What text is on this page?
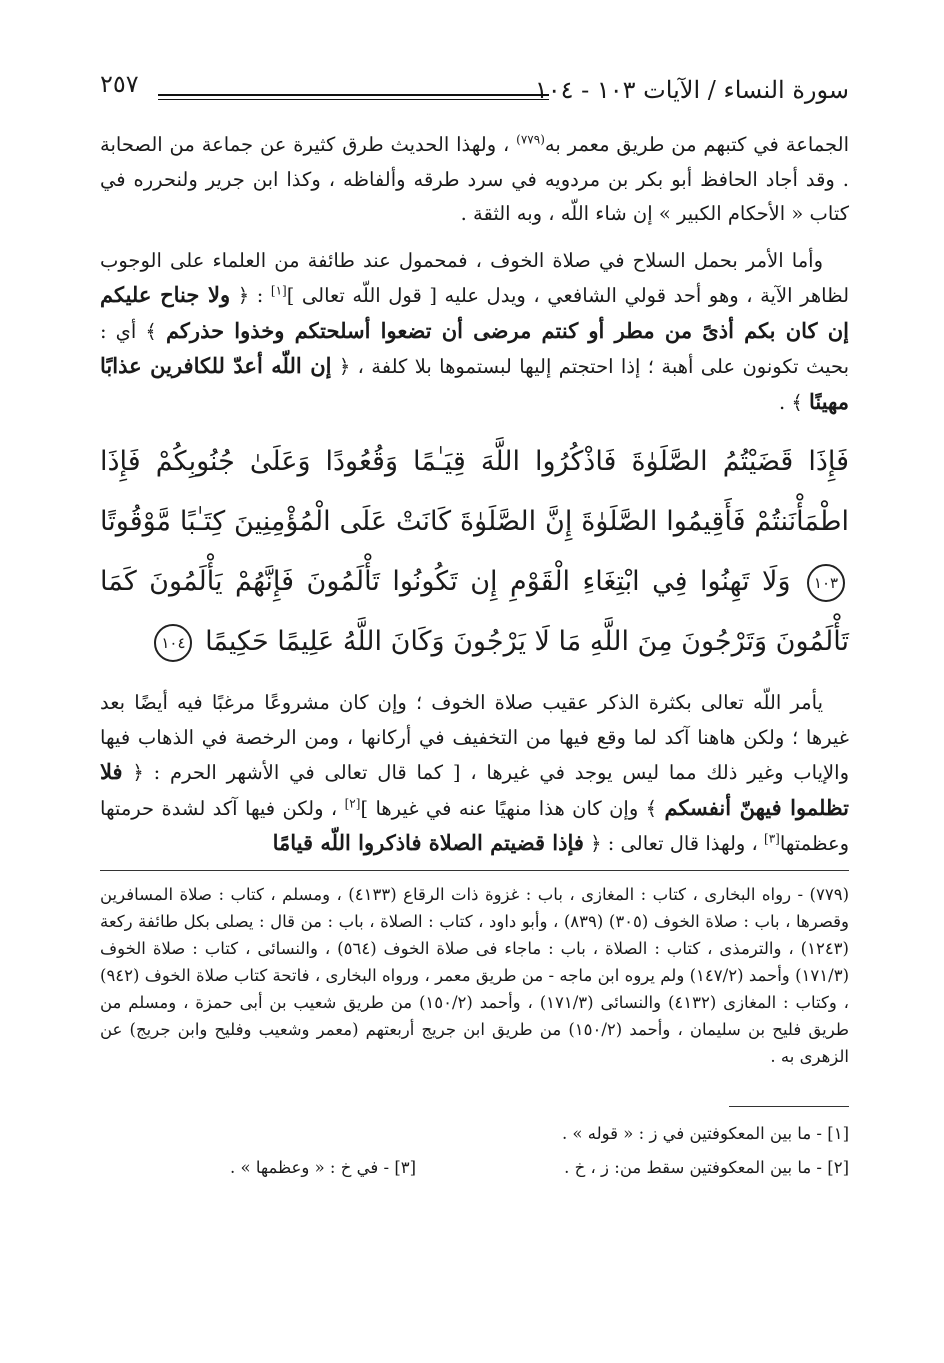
سورة النساء / الآيات ١٠٣ - ١٠٤
٢٥٧

الجماعة في كتبهم من طريق معمر به$^{(٧٧٩)}$ ، ولهذا الحديث طرق كثيرة عن جماعة من الصحابة . وقد أجاد الحافظ أبو بكر بن مردويه في سرد طرقه وألفاظه ، وكذا ابن جرير ولنحرره في كتاب « الأحكام الكبير » إن شاء اللّه ، وبه الثقة .

وأما الأمر بحمل السلاح في صلاة الخوف ، فمحمول عند طائفة من العلماء على الوجوب لظاهر الآية ، وهو أحد قولي الشافعي ، ويدل عليه [ قول اللّه تعالى ][١] : ﴿ ولا جناح عليكم إن كان بكم أذىً من مطر أو كنتم مرضى أن تضعوا أسلحتكم وخذوا حذركم ﴾ أي : بحيث تكونون على أهبة ؛ إذا احتجتم إليها لبستموها بلا كلفة ، ﴿ إن اللّه أعدّ للكافرين عذابًا مهينًا ﴾ .

فَإِذَا قَضَيْتُمُ الصَّلَوٰةَ فَاذْكُرُوا اللَّهَ قِيَـٰمًا وَقُعُودًا وَعَلَىٰ جُنُوبِكُمْ فَإِذَا اطْمَأْنَنتُمْ فَأَقِيمُوا الصَّلَوٰةَ إِنَّ الصَّلَوٰةَ كَانَتْ عَلَى الْمُؤْمِنِينَ كِتَـٰبًا مَّوْقُوتًا ١٠٣ وَلَا تَهِنُوا فِي ابْتِغَاءِ الْقَوْمِ إِن تَكُونُوا تَأْلَمُونَ فَإِنَّهُمْ يَأْلَمُونَ كَمَا تَأْلَمُونَ وَتَرْجُونَ مِنَ اللَّهِ مَا لَا يَرْجُونَ وَكَانَ اللَّهُ عَلِيمًا حَكِيمًا ١٠٤

يأمر اللّه تعالى بكثرة الذكر عقيب صلاة الخوف ؛ وإن كان مشروعًا مرغبًا فيه أيضًا بعد غيرها ؛ ولكن هاهنا آكد لما وقع فيها من التخفيف في أركانها ، ومن الرخصة في الذهاب فيها والإياب وغير ذلك مما ليس يوجد في غيرها ، [ كما قال تعالى في الأشهر الحرم : ﴿ فلا تظلموا فيهنّ أنفسكم ﴾ وإن كان هذا منهيًا عنه في غيرها ][٢] ، ولكن فيها آكد لشدة حرمتها وعظمتها[٣] ، ولهذا قال تعالى : ﴿ فإذا قضيتم الصلاة فاذكروا اللّه قيامًا

(٧٧٩) - رواه البخارى ، كتاب : المغازى ، باب : غزوة ذات الرقاع (٤١٣٣) ، ومسلم ، كتاب : صلاة المسافرين وقصرها ، باب : صلاة الخوف (٣٠٥) (٨٣٩) ، وأبو داود ، كتاب : الصلاة ، باب : من قال : يصلى بكل طائفة ركعة (١٢٤٣) ، والترمذى ، كتاب : الصلاة ، باب : ماجاء فى صلاة الخوف (٥٦٤) ، والنسائى ، كتاب : صلاة الخوف (١٧١/٣) وأحمد (١٤٧/٢) ولم يروه ابن ماجه - من طريق معمر ، ورواه البخارى ، فاتحة كتاب صلاة الخوف (٩٤٢) ، وكتاب : المغازى (٤١٣٢) والنسائى (١٧١/٣) ، وأحمد (١٥٠/٢) من طريق شعيب بن أبى حمزة ، ومسلم من طريق فليح بن سليمان ، وأحمد (١٥٠/٢) من طريق ابن جريج أربعتهم (معمر وشعيب وفليح وابن جريج) عن الزهرى به .
[١] - ما بين المعكوفتين في ز : « قوله » .
[٢] - ما بين المعكوفتين سقط من: ز ، خ .
[٣] - في خ : « وعظمها » .
